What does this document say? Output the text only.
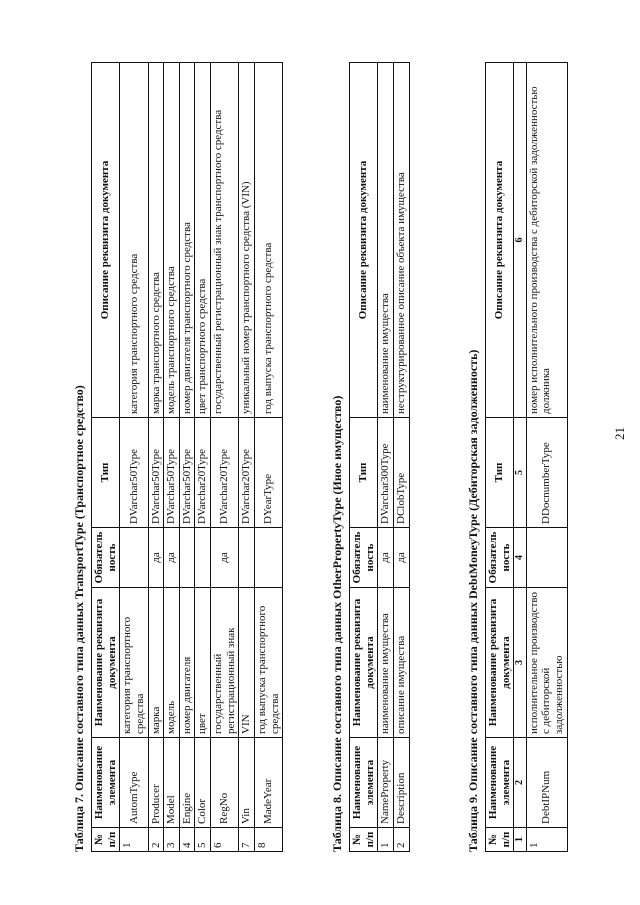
21
Таблица 7. Описание составного типа данных TransportType (Транспортное средство) № п/п	Наименование элемента	Наименование реквизита документа	Обязатель ность	Тип	Описание реквизита документа
1	AutomType	категория транспортного средства		DVarchar50Type	категория транспортного средства
2	Producer	марка	да	DVarchar50Type	марка транспортного средства
3	Model	модель	да	DVarchar50Type	модель транспортного средства
4	Engine	номер двигателя		DVarchar50Type	номер двигателя транспортного средства
5	Color	цвет		DVarchar20Type	цвет транспортного средства
6	RegNo	государственный регистрационный знак	да	DVarchar20Type	государственный регистрационный знак транспортного средства
7	Vin	VIN		DVarchar20Type	уникальный номер транспортного средства (VIN)
8	MadeYear	год выпуска транспортного средства		DYearType	год выпуска транспортного средства
Таблица 8. Описание составного типа данных OtherPropertyType (Иное имущество) № п/п	Наименование элемента	Наименование реквизита документа	Обязатель ность	Тип	Описание реквизита документа
1	NameProperty	наименование имущества	да	DVarchar300Type	наименование имущества
2	Description	описание имущества	да	DClobType	неструктурированное описание объекта имущества
Таблица 9. Описание составного типа данных DebtMoneyType (Дебиторская задолженность) № п/п	Наименование элемента	Наименование реквизита документа	Обязатель ность	Тип	Описание реквизита документа
1	2	3	4	5	6
1	DebtIPNum	исполнительное производство с дебиторской задолженностью		DDocnumberType	номер исполнительного производства с дебиторской задолженностью должника
